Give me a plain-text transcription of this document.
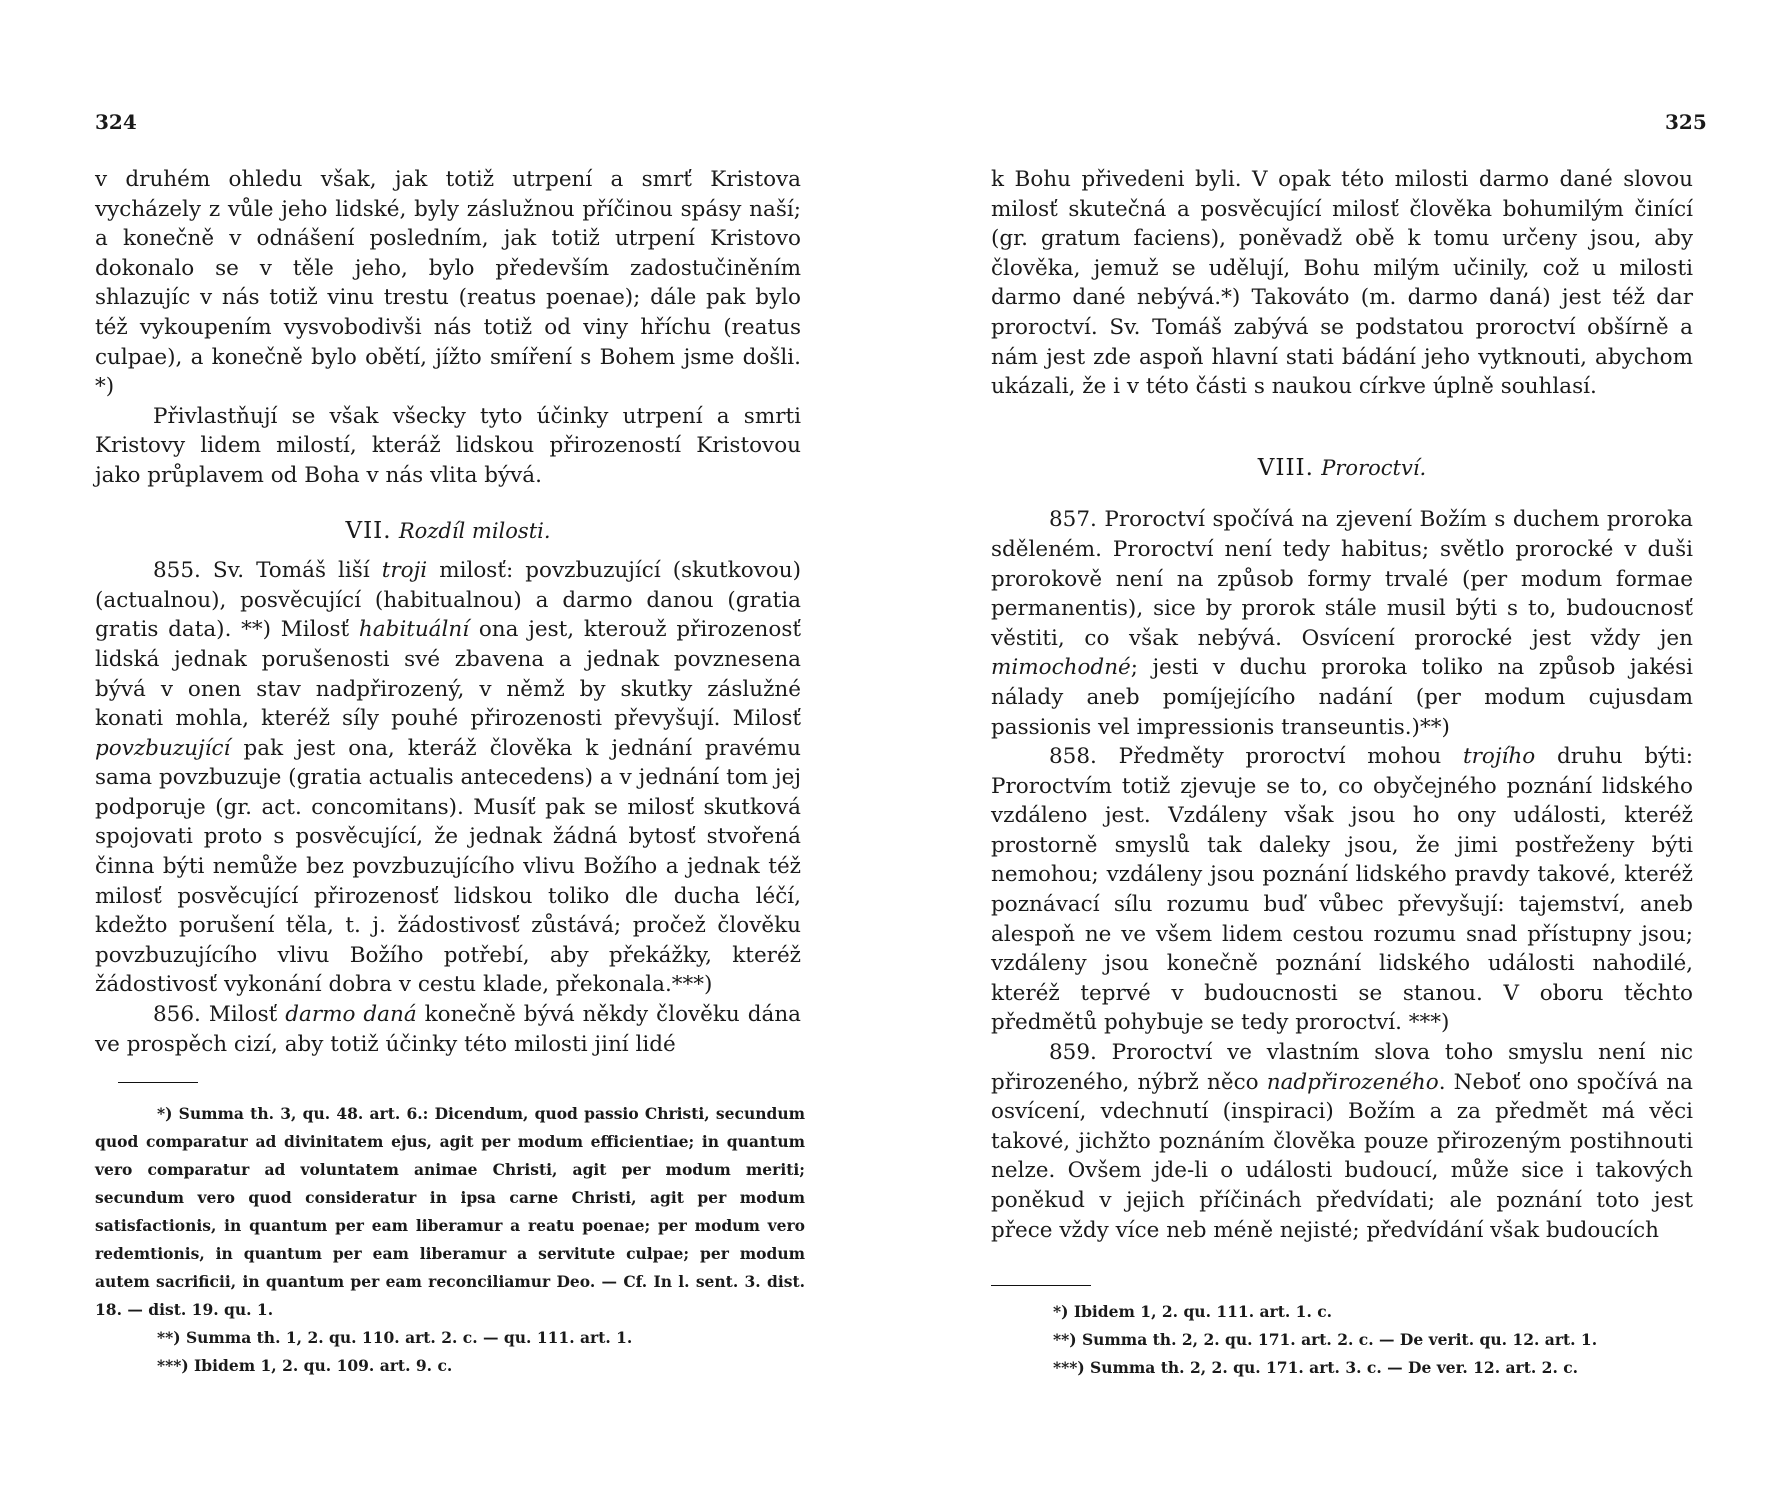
324

v druhém ohledu však, jak totiž utrpení a smrť Kristova vycházely z vůle jeho lidské, byly záslužnou příčinou spásy naší; a konečně v odnášení posledním, jak totiž utrpení Kristovo dokonalo se v těle jeho, bylo především zadostučiněním shlazujíc v nás totiž vinu trestu (reatus poenae); dále pak bylo též vykoupením vysvobodivši nás totiž od viny hříchu (reatus culpae), a konečně bylo obětí, jížto smíření s Bohem jsme došli. *)

Přivlastňují se však všecky tyto účinky utrpení a smrti Kristovy lidem milostí, kteráž lidskou přirozeností Kristovou jako průplavem od Boha v nás vlita bývá.

VII. Rozdíl milosti.

855. Sv. Tomáš liší troji milosť: povzbuzující (skutkovou) (actualnou), posvěcující (habitualnou) a darmo danou (gratia gratis data). **) Milosť habituální ona jest, kterouž přirozenosť lidská jednak porušenosti své zbavena a jednak povznesena bývá v onen stav nadpřirozený, v němž by skutky záslužné konati mohla, kteréž síly pouhé přirozenosti převyšují. Milosť povzbuzující pak jest ona, kteráž člověka k jednání pravému sama povzbuzuje (gratia actualis antecedens) a v jednání tom jej podporuje (gr. act. concomitans). Musíť pak se milosť skutková spojovati proto s posvěcující, že jednak žádná bytosť stvořená činna býti nemůže bez povzbuzujícího vlivu Božího a jednak též milosť posvěcující přirozenosť lidskou toliko dle ducha léčí, kdežto porušení těla, t. j. žádostivosť zůstává; pročež člověku povzbuzujícího vlivu Božího potřebí, aby překážky, kteréž žádostivosť vykonání dobra v cestu klade, překonala.***)

856. Milosť darmo daná konečně bývá někdy člověku dána ve prospěch cizí, aby totiž účinky této milosti jiní lidé

*) Summa th. 3, qu. 48. art. 6.: Dicendum, quod passio Christi, secundum quod comparatur ad divinitatem ejus, agit per modum efficientiae; in quantum vero comparatur ad voluntatem animae Christi, agit per modum meriti; secundum vero quod consideratur in ipsa carne Christi, agit per modum satisfactionis, in quantum per eam liberamur a reatu poenae; per modum vero redemtionis, in quantum per eam liberamur a servitute culpae; per modum autem sacrificii, in quantum per eam reconciliamur Deo. — Cf. In l. sent. 3. dist. 18. — dist. 19. qu. 1.

**) Summa th. 1, 2. qu. 110. art. 2. c. — qu. 111. art. 1.

***) Ibidem 1, 2. qu. 109. art. 9. c.

325

k Bohu přivedeni byli. V opak této milosti darmo dané slovou milosť skutečná a posvěcující milosť člověka bohumilým činící (gr. gratum faciens), poněvadž obě k tomu určeny jsou, aby člověka, jemuž se udělují, Bohu milým učinily, což u milosti darmo dané nebývá.*) Takováto (m. darmo daná) jest též dar proroctví. Sv. Tomáš zabývá se podstatou proroctví obšírně a nám jest zde aspoň hlavní stati bádání jeho vytknouti, abychom ukázali, že i v této části s naukou církve úplně souhlasí.

VIII. Proroctví.

857. Proroctví spočívá na zjevení Božím s duchem proroka sděleném. Proroctví není tedy habitus; světlo prorocké v duši prorokově není na způsob formy trvalé (per modum formae permanentis), sice by prorok stále musil býti s to, budoucnosť věstiti, co však nebývá. Osvícení prorocké jest vždy jen mimochodné; jesti v duchu proroka toliko na způsob jakési nálady aneb pomíjejícího nadání (per modum cujusdam passionis vel impressionis transeuntis.)**)

858. Předměty proroctví mohou trojího druhu býti: Proroctvím totiž zjevuje se to, co obyčejného poznání lidského vzdáleno jest. Vzdáleny však jsou ho ony události, kteréž prostorně smyslů tak daleky jsou, že jimi postřeženy býti nemohou; vzdáleny jsou poznání lidského pravdy takové, kteréž poznávací sílu rozumu buď vůbec převyšují: tajemství, aneb alespoň ne ve všem lidem cestou rozumu snad přístupny jsou; vzdáleny jsou konečně poznání lidského události nahodilé, kteréž teprvé v budoucnosti se stanou. V oboru těchto předmětů pohybuje se tedy proroctví. ***)

859. Proroctví ve vlastním slova toho smyslu není nic přirozeného, nýbrž něco nadpřirozeného. Neboť ono spočívá na osvícení, vdechnutí (inspiraci) Božím a za předmět má věci takové, jichžto poznáním člověka pouze přirozeným postihnouti nelze. Ovšem jde-li o události budoucí, může sice i takových poněkud v jejich příčinách předvídati; ale poznání toto jest přece vždy více neb méně nejisté; předvídání však budoucích

*) Ibidem 1, 2. qu. 111. art. 1. c.

**) Summa th. 2, 2. qu. 171. art. 2. c. — De verit. qu. 12. art. 1.

***) Summa th. 2, 2. qu. 171. art. 3. c. — De ver. 12. art. 2. c.
